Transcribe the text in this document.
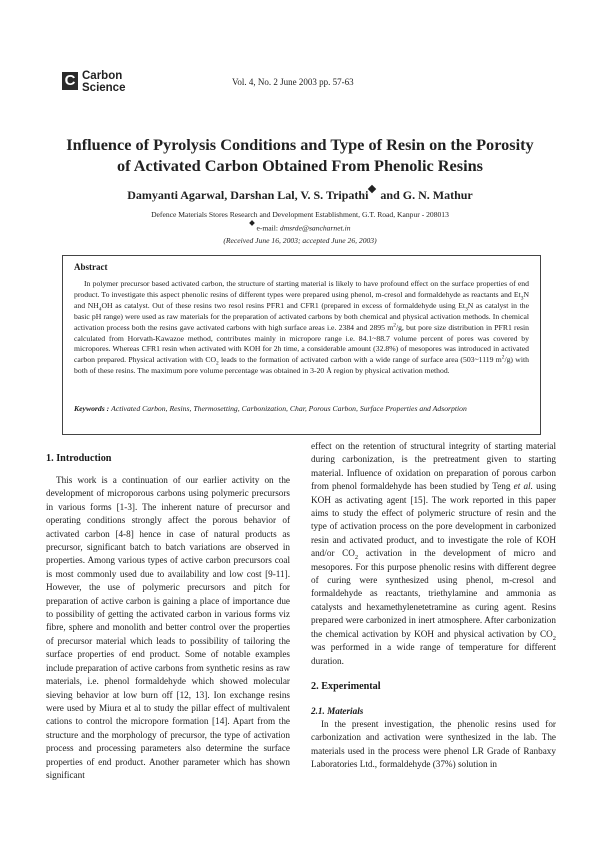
C Carbon
Science	Vol. 4, No. 2 June 2003 pp. 57-63
Influence of Pyrolysis Conditions and Type of Resin on the Porosity
of Activated Carbon Obtained From Phenolic Resins
Damyanti Agarwal, Darshan Lal, V. S. Tripathi and G. N. Mathur
Defence Materials Stores Research and Development Establishment, G.T. Road, Kanpur - 208013
e-mail: dmsrde@sancharnet.in
(Received June 16, 2003; accepted June 26, 2003)
Abstract
In polymer precursor based activated carbon, the structure of starting material is likely to have profound effect on the surface properties of end product. To investigate this aspect phenolic resins of different types were prepared using phenol, m-cresol and formaldehyde as reactants and $Et_3N$ and $NH_4OH$ as catalyst. Out of these resins two resol resins PFR1 and CFR1 (prepared in excess of formaldehyde using $Et_3N$ as catalyst in the basic pH range) were used as raw materials for the preparation of activated carbons by both chemical and physical activation methods. In chemical activation process both the resins gave activated carbons with high surface areas i.e. 2384 and 2895 $m^2/g$, but pore size distribution in PFR1 resin calculated from Horvath-Kawazoe method, contributes mainly in micropore range i.e. 84.1~88.7 volume percent of pores was covered by micropores. Whereas CFR1 resin when activated with KOH for 2h time, a considerable amount (32.8%) of mesopores was introduced in activated carbon prepared. Physical activation with $CO_2$ leads to the formation of activated carbon with a wide range of surface area (503~1119 $m^2/g$) with both of these resins. The maximum pore volume percentage was obtained in 3-20 Å region by physical activation method.
Keywords : Activated Carbon, Resins, Thermosetting, Carbonization, Char, Porous Carbon, Surface Properties and Adsorption
1. Introduction
This work is a continuation of our earlier activity on the development of microporous carbons using polymeric precursors in various forms [1-3]. The inherent nature of precursor and operating conditions strongly affect the porous behavior of activated carbon [4-8] hence in case of natural products as precursor, significant batch to batch variations are observed in properties. Among various types of active carbon precursors coal is most commonly used due to availability and low cost [9-11]. However, the use of polymeric precursors and pitch for preparation of active carbon is gaining a place of importance due to possibility of getting the activated carbon in various forms viz fibre, sphere and monolith and better control over the properties of precursor material which leads to possibility of tailoring the surface properties of end product. Some of notable examples include preparation of active carbons from synthetic resins as raw materials, i.e. phenol formaldehyde which showed molecular sieving behavior at low burn off [12, 13]. Ion exchange resins were used by Miura et al to study the pillar effect of multivalent cations to control the micropore formation [14]. Apart from the structure and the morphology of precursor, the type of activation process and processing parameters also determine the surface properties of end product. Another parameter which has shown significant
effect on the retention of structural integrity of starting material during carbonization, is the pretreatment given to starting material. Influence of oxidation on preparation of porous carbon from phenol formaldehyde has been studied by Teng et al. using KOH as activating agent [15]. The work reported in this paper aims to study the effect of polymeric structure of resin and the type of activation process on the pore development in carbonized resin and activated product, and to investigate the role of KOH and/or $CO_2$ activation in the development of micro and mesopores. For this purpose phenolic resins with different degree of curing were synthesized using phenol, m-cresol and formaldehyde as reactants, triethylamine and ammonia as catalysts and hexamethylenetetramine as curing agent. Resins prepared were carbonized in inert atmosphere. After carbonization the chemical activation by KOH and physical activation by $CO_2$ was performed in a wide range of temperature for different duration.
2. Experimental
2.1. Materials
In the present investigation, the phenolic resins used for carbonization and activation were synthesized in the lab. The materials used in the process were phenol LR Grade of Ranbaxy Laboratories Ltd., formaldehyde (37%) solution in
